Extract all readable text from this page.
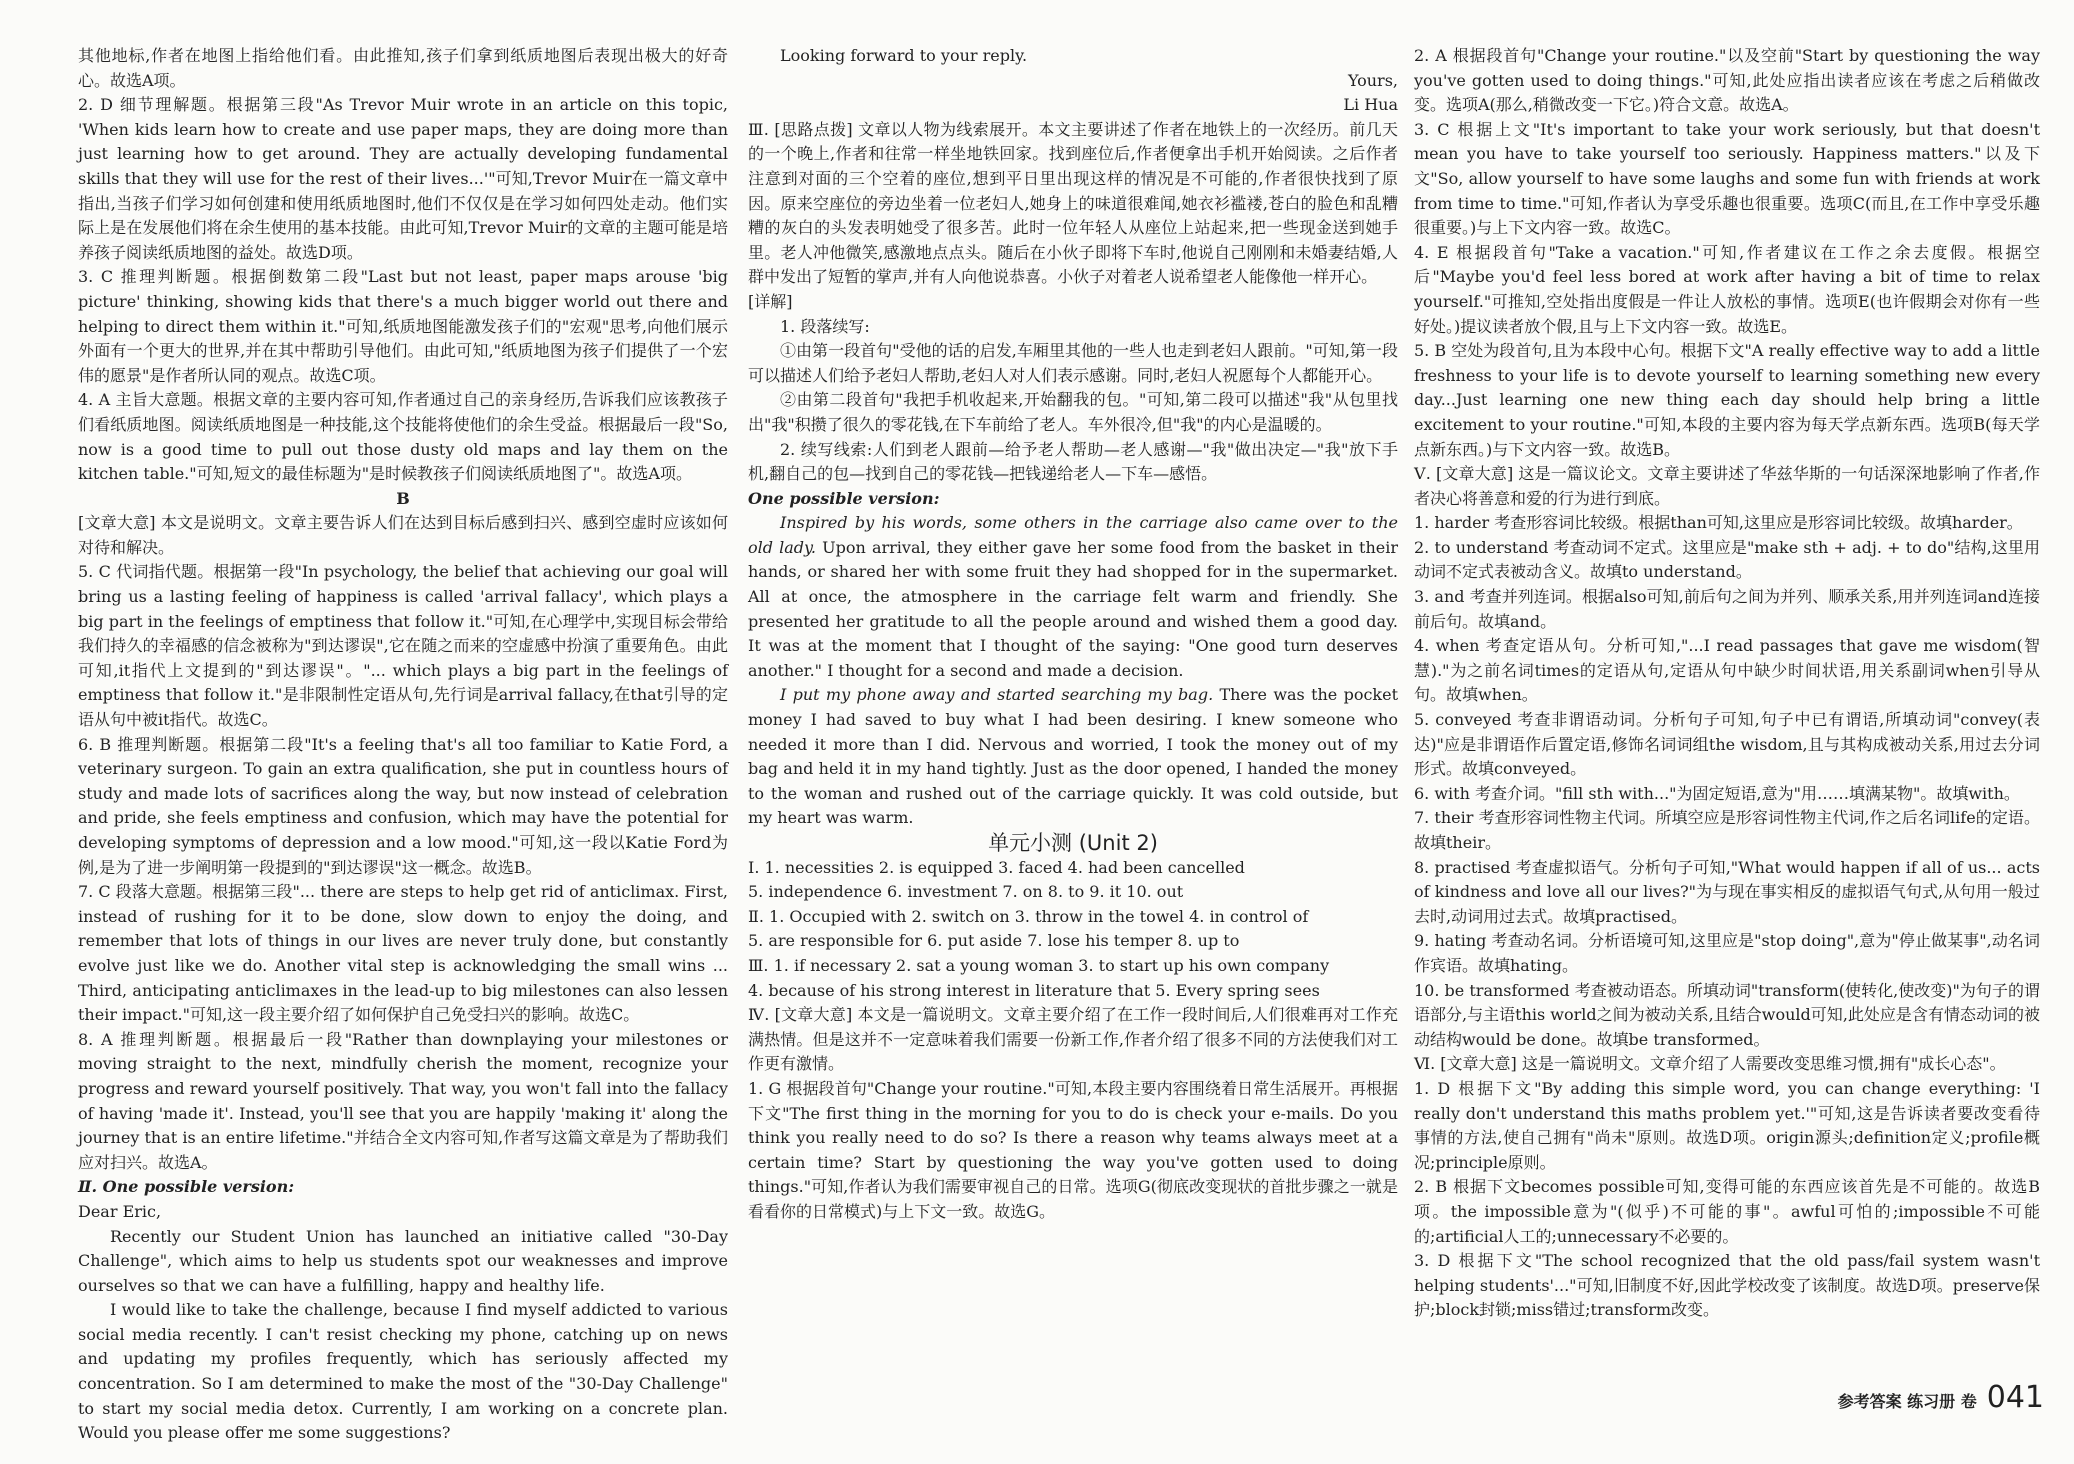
其他地标,作者在地图上指给他们看。由此推知,孩子们拿到纸质地图后表现出极大的好奇心。故选A项。

2. D 细节理解题。根据第三段"As Trevor Muir wrote in an article on this topic, 'When kids learn how to create and use paper maps, they are doing more than just learning how to get around. They are actually developing fundamental skills that they will use for the rest of their lives...'"可知,Trevor Muir在一篇文章中指出,当孩子们学习如何创建和使用纸质地图时,他们不仅仅是在学习如何四处走动。他们实际上是在发展他们将在余生使用的基本技能。由此可知,Trevor Muir的文章的主题可能是培养孩子阅读纸质地图的益处。故选D项。

3. C 推理判断题。根据倒数第二段"Last but not least, paper maps arouse 'big picture' thinking, showing kids that there's a much bigger world out there and helping to direct them within it."可知,纸质地图能激发孩子们的"宏观"思考,向他们展示外面有一个更大的世界,并在其中帮助引导他们。由此可知,"纸质地图为孩子们提供了一个宏伟的愿景"是作者所认同的观点。故选C项。

4. A 主旨大意题。根据文章的主要内容可知,作者通过自己的亲身经历,告诉我们应该教孩子们看纸质地图。阅读纸质地图是一种技能,这个技能将使他们的余生受益。根据最后一段"So, now is a good time to pull out those dusty old maps and lay them on the kitchen table."可知,短文的最佳标题为"是时候教孩子们阅读纸质地图了"。故选A项。

B

[文章大意] 本文是说明文。文章主要告诉人们在达到目标后感到扫兴、感到空虚时应该如何对待和解决。

5. C 代词指代题。根据第一段"In psychology, the belief that achieving our goal will bring us a lasting feeling of happiness is called 'arrival fallacy', which plays a big part in the feelings of emptiness that follow it."可知,在心理学中,实现目标会带给我们持久的幸福感的信念被称为"到达谬误",它在随之而来的空虚感中扮演了重要角色。由此可知,it指代上文提到的"到达谬误"。"... which plays a big part in the feelings of emptiness that follow it."是非限制性定语从句,先行词是arrival fallacy,在that引导的定语从句中被it指代。故选C。

6. B 推理判断题。根据第二段"It's a feeling that's all too familiar to Katie Ford, a veterinary surgeon. To gain an extra qualification, she put in countless hours of study and made lots of sacrifices along the way, but now instead of celebration and pride, she feels emptiness and confusion, which may have the potential for developing symptoms of depression and a low mood."可知,这一段以Katie Ford为例,是为了进一步阐明第一段提到的"到达谬误"这一概念。故选B。

7. C 段落大意题。根据第三段"... there are steps to help get rid of anticlimax. First, instead of rushing for it to be done, slow down to enjoy the doing, and remember that lots of things in our lives are never truly done, but constantly evolve just like we do. Another vital step is acknowledging the small wins ... Third, anticipating anticlimaxes in the lead-up to big milestones can also lessen their impact."可知,这一段主要介绍了如何保护自己免受扫兴的影响。故选C。

8. A 推理判断题。根据最后一段"Rather than downplaying your milestones or moving straight to the next, mindfully cherish the moment, recognize your progress and reward yourself positively. That way, you won't fall into the fallacy of having 'made it'. Instead, you'll see that you are happily 'making it' along the journey that is an entire lifetime."并结合全文内容可知,作者写这篇文章是为了帮助我们应对扫兴。故选A。

Ⅱ. One possible version:

Dear Eric,

Recently our Student Union has launched an initiative called "30-Day Challenge", which aims to help us students spot our weaknesses and improve ourselves so that we can have a fulfilling, happy and healthy life.

I would like to take the challenge, because I find myself addicted to various social media recently. I can't resist checking my phone, catching up on news and updating my profiles frequently, which has seriously affected my concentration. So I am determined to make the most of the "30-Day Challenge" to start my social media detox. Currently, I am working on a concrete plan. Would you please offer me some suggestions?

Looking forward to your reply.

Yours,

Li Hua

Ⅲ. [思路点拨] 文章以人物为线索展开。本文主要讲述了作者在地铁上的一次经历。前几天的一个晚上,作者和往常一样坐地铁回家。找到座位后,作者便拿出手机开始阅读。之后作者注意到对面的三个空着的座位,想到平日里出现这样的情况是不可能的,作者很快找到了原因。原来空座位的旁边坐着一位老妇人,她身上的味道很难闻,她衣衫褴褛,苍白的脸色和乱糟糟的灰白的头发表明她受了很多苦。此时一位年轻人从座位上站起来,把一些现金送到她手里。老人冲他微笑,感激地点点头。随后在小伙子即将下车时,他说自己刚刚和未婚妻结婚,人群中发出了短暂的掌声,并有人向他说恭喜。小伙子对着老人说希望老人能像他一样开心。

[详解]

1. 段落续写:

①由第一段首句"受他的话的启发,车厢里其他的一些人也走到老妇人跟前。"可知,第一段可以描述人们给予老妇人帮助,老妇人对人们表示感谢。同时,老妇人祝愿每个人都能开心。

②由第二段首句"我把手机收起来,开始翻我的包。"可知,第二段可以描述"我"从包里找出"我"积攒了很久的零花钱,在下车前给了老人。车外很冷,但"我"的内心是温暖的。

2. 续写线索:人们到老人跟前—给予老人帮助—老人感谢—"我"做出决定—"我"放下手机,翻自己的包—找到自己的零花钱—把钱递给老人—下车—感悟。

One possible version:

Inspired by his words, some others in the carriage also came over to the old lady. Upon arrival, they either gave her some food from the basket in their hands, or shared her with some fruit they had shopped for in the supermarket. All at once, the atmosphere in the carriage felt warm and friendly. She presented her gratitude to all the people around and wished them a good day. It was at the moment that I thought of the saying: "One good turn deserves another." I thought for a second and made a decision.

I put my phone away and started searching my bag. There was the pocket money I had saved to buy what I had been desiring. I knew someone who needed it more than I did. Nervous and worried, I took the money out of my bag and held it in my hand tightly. Just as the door opened, I handed the money to the woman and rushed out of the carriage quickly. It was cold outside, but my heart was warm.

单元小测 (Unit 2)

Ⅰ. 1. necessities 2. is equipped 3. faced 4. had been cancelled

5. independence 6. investment 7. on 8. to 9. it 10. out

Ⅱ. 1. Occupied with 2. switch on 3. throw in the towel 4. in control of

5. are responsible for 6. put aside 7. lose his temper 8. up to

Ⅲ. 1. if necessary 2. sat a young woman 3. to start up his own company

4. because of his strong interest in literature that 5. Every spring sees

Ⅳ. [文章大意] 本文是一篇说明文。文章主要介绍了在工作一段时间后,人们很难再对工作充满热情。但是这并不一定意味着我们需要一份新工作,作者介绍了很多不同的方法使我们对工作更有激情。

1. G 根据段首句"Change your routine."可知,本段主要内容围绕着日常生活展开。再根据下文"The first thing in the morning for you to do is check your e-mails. Do you think you really need to do so? Is there a reason why teams always meet at a certain time? Start by questioning the way you've gotten used to doing things."可知,作者认为我们需要审视自己的日常。选项G(彻底改变现状的首批步骤之一就是看看你的日常模式)与上下文一致。故选G。

2. A 根据段首句"Change your routine."以及空前"Start by questioning the way you've gotten used to doing things."可知,此处应指出读者应该在考虑之后稍做改变。选项A(那么,稍微改变一下它。)符合文意。故选A。

3. C 根据上文"It's important to take your work seriously, but that doesn't mean you have to take yourself too seriously. Happiness matters."以及下文"So, allow yourself to have some laughs and some fun with friends at work from time to time."可知,作者认为享受乐趣也很重要。选项C(而且,在工作中享受乐趣很重要。)与上下文内容一致。故选C。

4. E 根据段首句"Take a vacation."可知,作者建议在工作之余去度假。根据空后"Maybe you'd feel less bored at work after having a bit of time to relax yourself."可推知,空处指出度假是一件让人放松的事情。选项E(也许假期会对你有一些好处。)提议读者放个假,且与上下文内容一致。故选E。

5. B 空处为段首句,且为本段中心句。根据下文"A really effective way to add a little freshness to your life is to devote yourself to learning something new every day...Just learning one new thing each day should help bring a little excitement to your routine."可知,本段的主要内容为每天学点新东西。选项B(每天学点新东西。)与下文内容一致。故选B。

Ⅴ. [文章大意] 这是一篇议论文。文章主要讲述了华兹华斯的一句话深深地影响了作者,作者决心将善意和爱的行为进行到底。

1. harder 考查形容词比较级。根据than可知,这里应是形容词比较级。故填harder。

2. to understand 考查动词不定式。这里应是"make sth + adj. + to do"结构,这里用动词不定式表被动含义。故填to understand。

3. and 考查并列连词。根据also可知,前后句之间为并列、顺承关系,用并列连词and连接前后句。故填and。

4. when 考查定语从句。分析可知,"...I read passages that gave me wisdom(智慧)."为之前名词times的定语从句,定语从句中缺少时间状语,用关系副词when引导从句。故填when。

5. conveyed 考查非谓语动词。分析句子可知,句子中已有谓语,所填动词"convey(表达)"应是非谓语作后置定语,修饰名词词组the wisdom,且与其构成被动关系,用过去分词形式。故填conveyed。

6. with 考查介词。"fill sth with..."为固定短语,意为"用……填满某物"。故填with。

7. their 考查形容词性物主代词。所填空应是形容词性物主代词,作之后名词life的定语。故填their。

8. practised 考查虚拟语气。分析句子可知,"What would happen if all of us... acts of kindness and love all our lives?"为与现在事实相反的虚拟语气句式,从句用一般过去时,动词用过去式。故填practised。

9. hating 考查动名词。分析语境可知,这里应是"stop doing",意为"停止做某事",动名词作宾语。故填hating。

10. be transformed 考查被动语态。所填动词"transform(使转化,使改变)"为句子的谓语部分,与主语this world之间为被动关系,且结合would可知,此处应是含有情态动词的被动结构would be done。故填be transformed。

Ⅵ. [文章大意] 这是一篇说明文。文章介绍了人需要改变思维习惯,拥有"成长心态"。

1. D 根据下文"By adding this simple word, you can change everything: 'I really don't understand this maths problem yet.'"可知,这是告诉读者要改变看待事情的方法,使自己拥有"尚未"原则。故选D项。origin源头;definition定义;profile概况;principle原则。

2. B 根据下文becomes possible可知,变得可能的东西应该首先是不可能的。故选B项。the impossible意为"(似乎)不可能的事"。awful可怕的;impossible不可能的;artificial人工的;unnecessary不必要的。

3. D 根据下文"The school recognized that the old pass/fail system wasn't helping students'..."可知,旧制度不好,因此学校改变了该制度。故选D项。preserve保护;block封锁;miss错过;transform改变。

参考答案 练习册 卷 041
